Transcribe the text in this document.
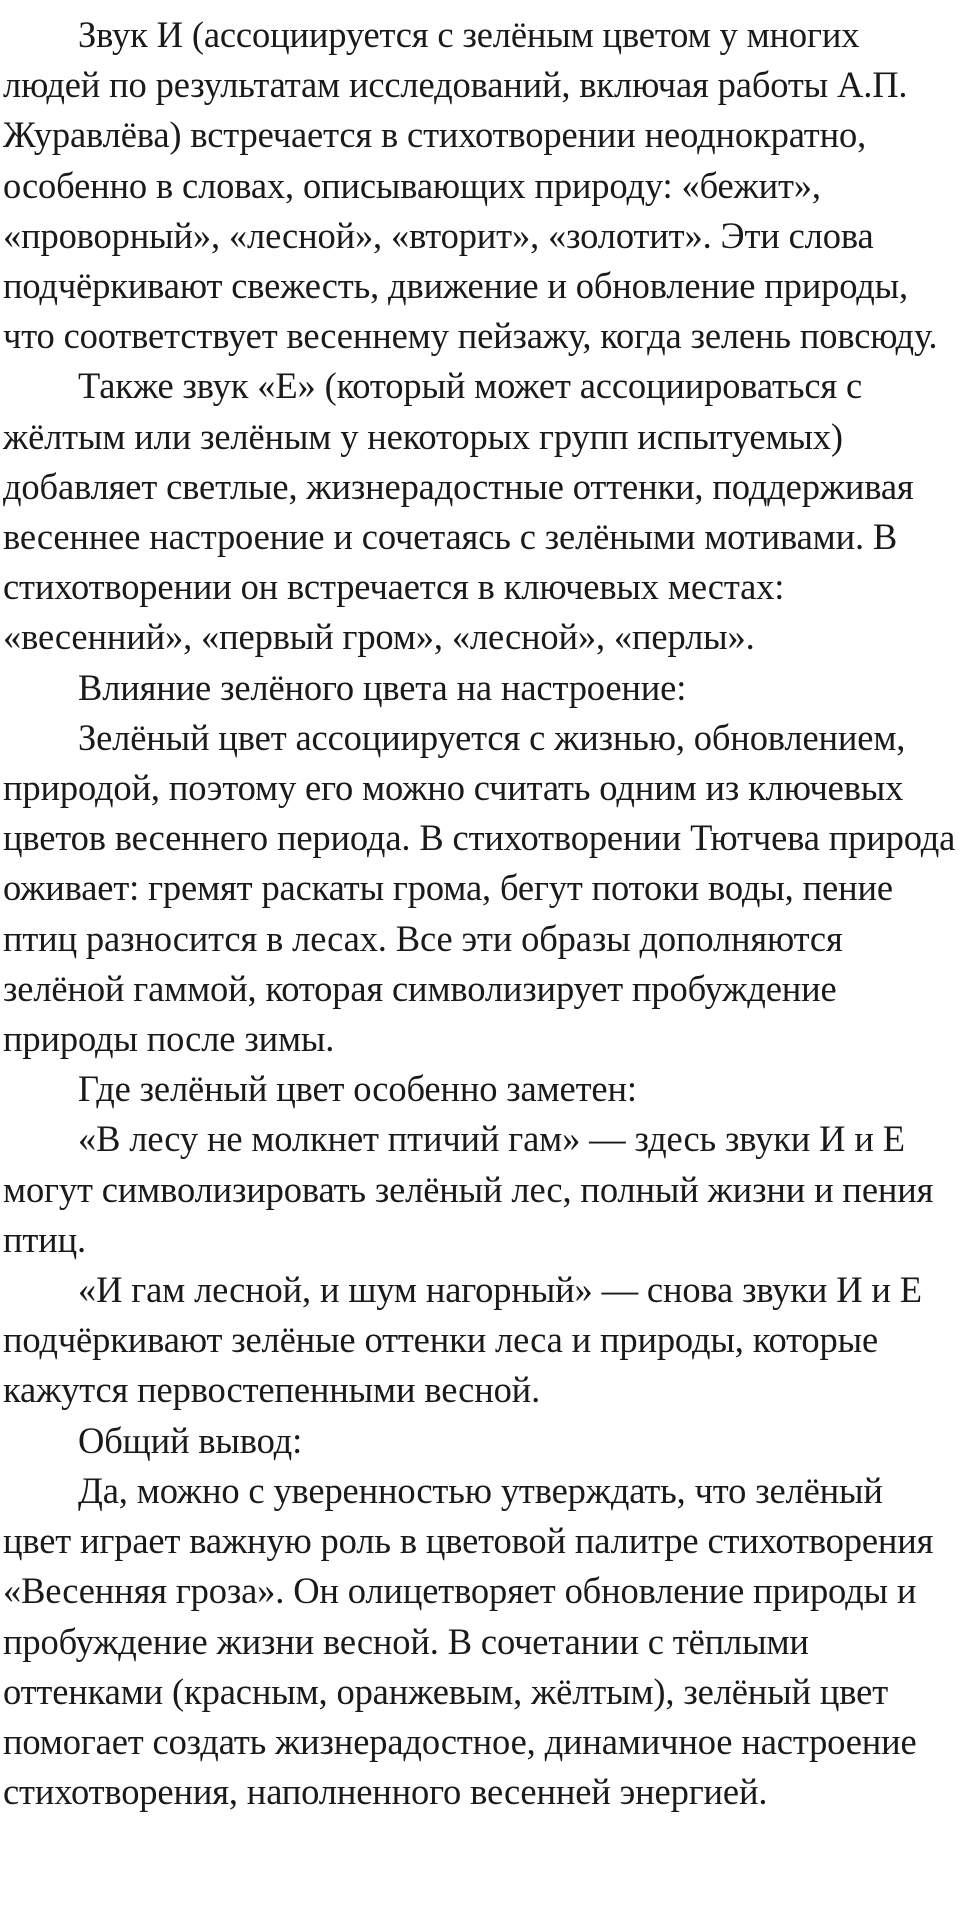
Звук И (ассоциируется с зелёным цветом у многих людей по результатам исследований, включая работы А.П. Журавлёва) встречается в стихотворении неоднократно, особенно в словах, описывающих природу: «бежит», «проворный», «лесной», «вторит», «золотит». Эти слова подчёркивают свежесть, движение и обновление природы, что соответствует весеннему пейзажу, когда зелень повсюду.

Также звук «Е» (который может ассоциироваться с жёлтым или зелёным у некоторых групп испытуемых) добавляет светлые, жизнерадостные оттенки, поддерживая весеннее настроение и сочетаясь с зелёными мотивами. В стихотворении он встречается в ключевых местах: «весенний», «первый гром», «лесной», «перлы».

Влияние зелёного цвета на настроение:

Зелёный цвет ассоциируется с жизнью, обновлением, природой, поэтому его можно считать одним из ключевых цветов весеннего периода. В стихотворении Тютчева природа оживает: гремят раскаты грома, бегут потоки воды, пение птиц разносится в лесах. Все эти образы дополняются зелёной гаммой, которая символизирует пробуждение природы после зимы.

Где зелёный цвет особенно заметен:

«В лесу не молкнет птичий гам» — здесь звуки И и Е могут символизировать зелёный лес, полный жизни и пения птиц.

«И гам лесной, и шум нагорный» — снова звуки И и Е подчёркивают зелёные оттенки леса и природы, которые кажутся первостепенными весной.

Общий вывод:

Да, можно с уверенностью утверждать, что зелёный цвет играет важную роль в цветовой палитре стихотворения «Весенняя гроза». Он олицетворяет обновление природы и пробуждение жизни весной. В сочетании с тёплыми оттенками (красным, оранжевым, жёлтым), зелёный цвет помогает создать жизнерадостное, динамичное настроение стихотворения, наполненного весенней энергией.
